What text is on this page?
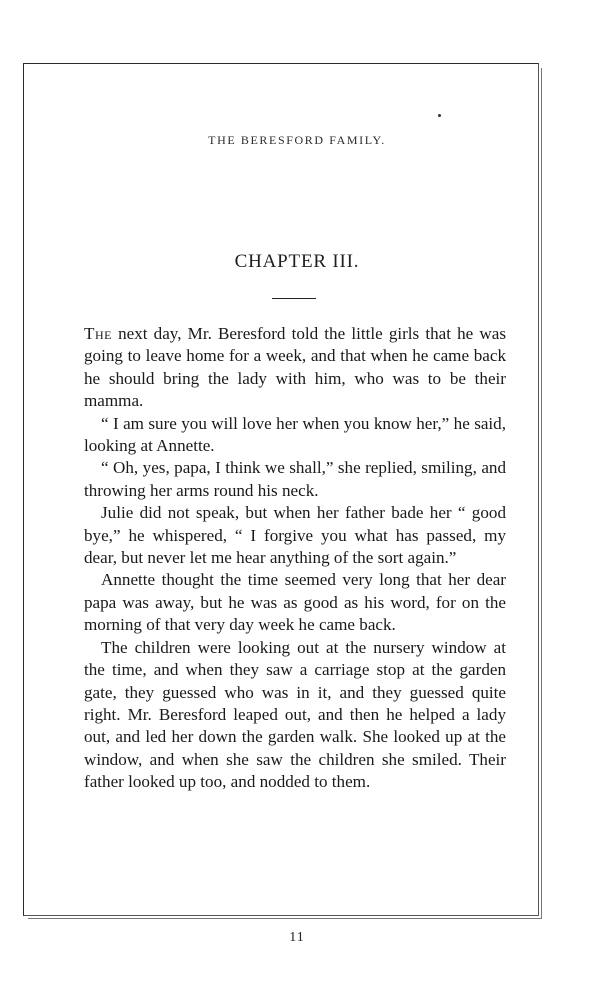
THE BERESFORD FAMILY.
CHAPTER III.

The next day, Mr. Beresford told the little girls that he was going to leave home for a week, and that when he came back he should bring the lady with him, who was to be their mamma.

“ I am sure you will love her when you know her,” he said, looking at Annette.

“ Oh, yes, papa, I think we shall,” she replied, smiling, and throwing her arms round his neck.

Julie did not speak, but when her father bade her “ good bye,” he whispered, “ I forgive you what has passed, my dear, but never let me hear anything of the sort again.”

Annette thought the time seemed very long that her dear papa was away, but he was as good as his word, for on the morning of that very day week he came back.

The children were looking out at the nursery window at the time, and when they saw a carriage stop at the garden gate, they guessed who was in it, and they guessed quite right. Mr. Beresford leaped out, and then he helped a lady out, and led her down the garden walk. She looked up at the window, and when she saw the children she smiled. Their father looked up too, and nodded to them.

11
